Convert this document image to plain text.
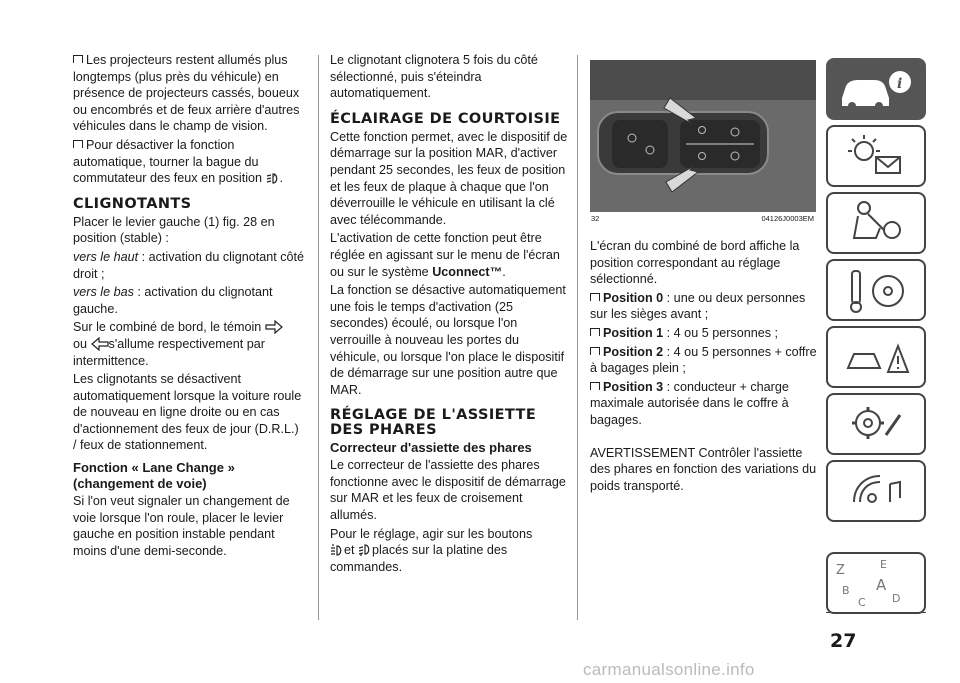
Les projecteurs restent allumés plus longtemps (plus près du véhicule) en présence de projecteurs cassés, boueux ou encombrés et de feux arrière d'autres véhicules dans le champ de vision.

Pour désactiver la fonction automatique, tourner la bague du commutateur des feux en position	A .

CLIGNOTANTS

Placer le levier gauche (1) fig. 28 en position (stable) :

vers le haut : activation du clignotant côté droit ;

vers le bas : activation du clignotant gauche.

Sur le combiné de bord, le témoin
ou s'allume respectivement par intermittence.

Les clignotants se désactivent automatiquement lorsque la voiture roule de nouveau en ligne droite ou en cas d'actionnement des feux de jour (D.R.L.) / feux de stationnement.

Fonction « Lane Change » (changement de voie)

Si l'on veut signaler un changement de voie lorsque l'on roule, placer le levier gauche en position instable pendant moins d'une demi-seconde.

Le clignotant clignotera 5 fois du côté sélectionné, puis s'éteindra automatiquement.

ÉCLAIRAGE DE COURTOISIE

Cette fonction permet, avec le dispositif de démarrage sur la position MAR, d'activer pendant 25 secondes, les feux de position et les feux de plaque à chaque que l'on déverrouille le véhicule en utilisant la clé avec télécommande.

L'activation de cette fonction peut être réglée en agissant sur le menu de l'écran ou sur le système Uconnect™.

La fonction se désactive automatiquement une fois le temps d'activation (25 secondes) écoulé, ou lorsque l'on verrouille à nouveau les portes du véhicule, ou lorsque l'on place le dispositif de démarrage sur une position autre que MAR.

RÉGLAGE DE L'ASSIETTE DES PHARES
Correcteur d'assiette des phares

Le correcteur de l'assiette des phares fonctionne avec le dispositif de démarrage sur MAR et les feux de croisement allumés.

Pour le réglage, agir sur les boutons
et placés sur la platine des commandes.

32	04126J0003EM

L'écran du combiné de bord affiche la position correspondant au réglage sélectionné.

Position 0 : une ou deux personnes sur les sièges avant ;

Position 1 : 4 ou 5 personnes ;

Position 2 : 4 ou 5 personnes + coffre à bagages plein ;

Position 3 : conducteur + charge maximale autorisée dans le coffre à bagages.

AVERTISSEMENT Contrôler l'assiette des phares en fonction des variations du poids transporté.

i
Z	E
B A
C D
27
carmanualsonline.info
